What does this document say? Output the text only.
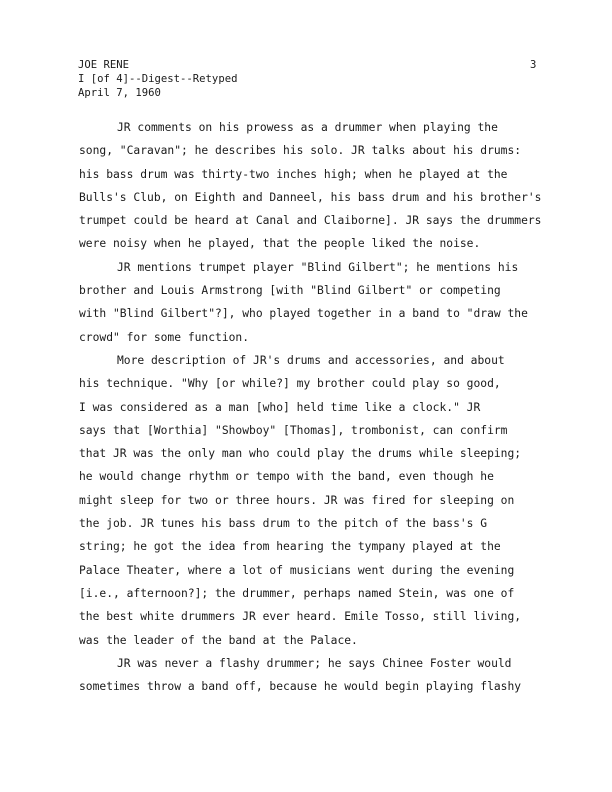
JOE RENE
I [of 4]--Digest--Retyped
April 7, 1960
3
JR comments on his prowess as a drummer when playing the
song, "Caravan"; he describes his solo. JR talks about his drums:
his bass drum was thirty-two inches high; when he played at the
Bulls's Club, on Eighth and Danneel, his bass drum and his brother's
trumpet could be heard at Canal and Claiborne]. JR says the drummers
were noisy when he played, that the people liked the noise.
JR mentions trumpet player "Blind Gilbert"; he mentions his
brother and Louis Armstrong [with "Blind Gilbert" or competing
with "Blind Gilbert"?], who played together in a band to "draw the
crowd" for some function.
More description of JR's drums and accessories, and about
his technique. "Why [or while?] my brother could play so good,
I was considered as a man [who] held time like a clock." JR
says that [Worthia] "Showboy" [Thomas], trombonist, can confirm
that JR was the only man who could play the drums while sleeping;
he would change rhythm or tempo with the band, even though he
might sleep for two or three hours. JR was fired for sleeping on
the job. JR tunes his bass drum to the pitch of the bass's G
string; he got the idea from hearing the tympany played at the
Palace Theater, where a lot of musicians went during the evening
[i.e., afternoon?]; the drummer, perhaps named Stein, was one of
the best white drummers JR ever heard. Emile Tosso, still living,
was the leader of the band at the Palace.
JR was never a flashy drummer; he says Chinee Foster would
sometimes throw a band off, because he would begin playing flashy
